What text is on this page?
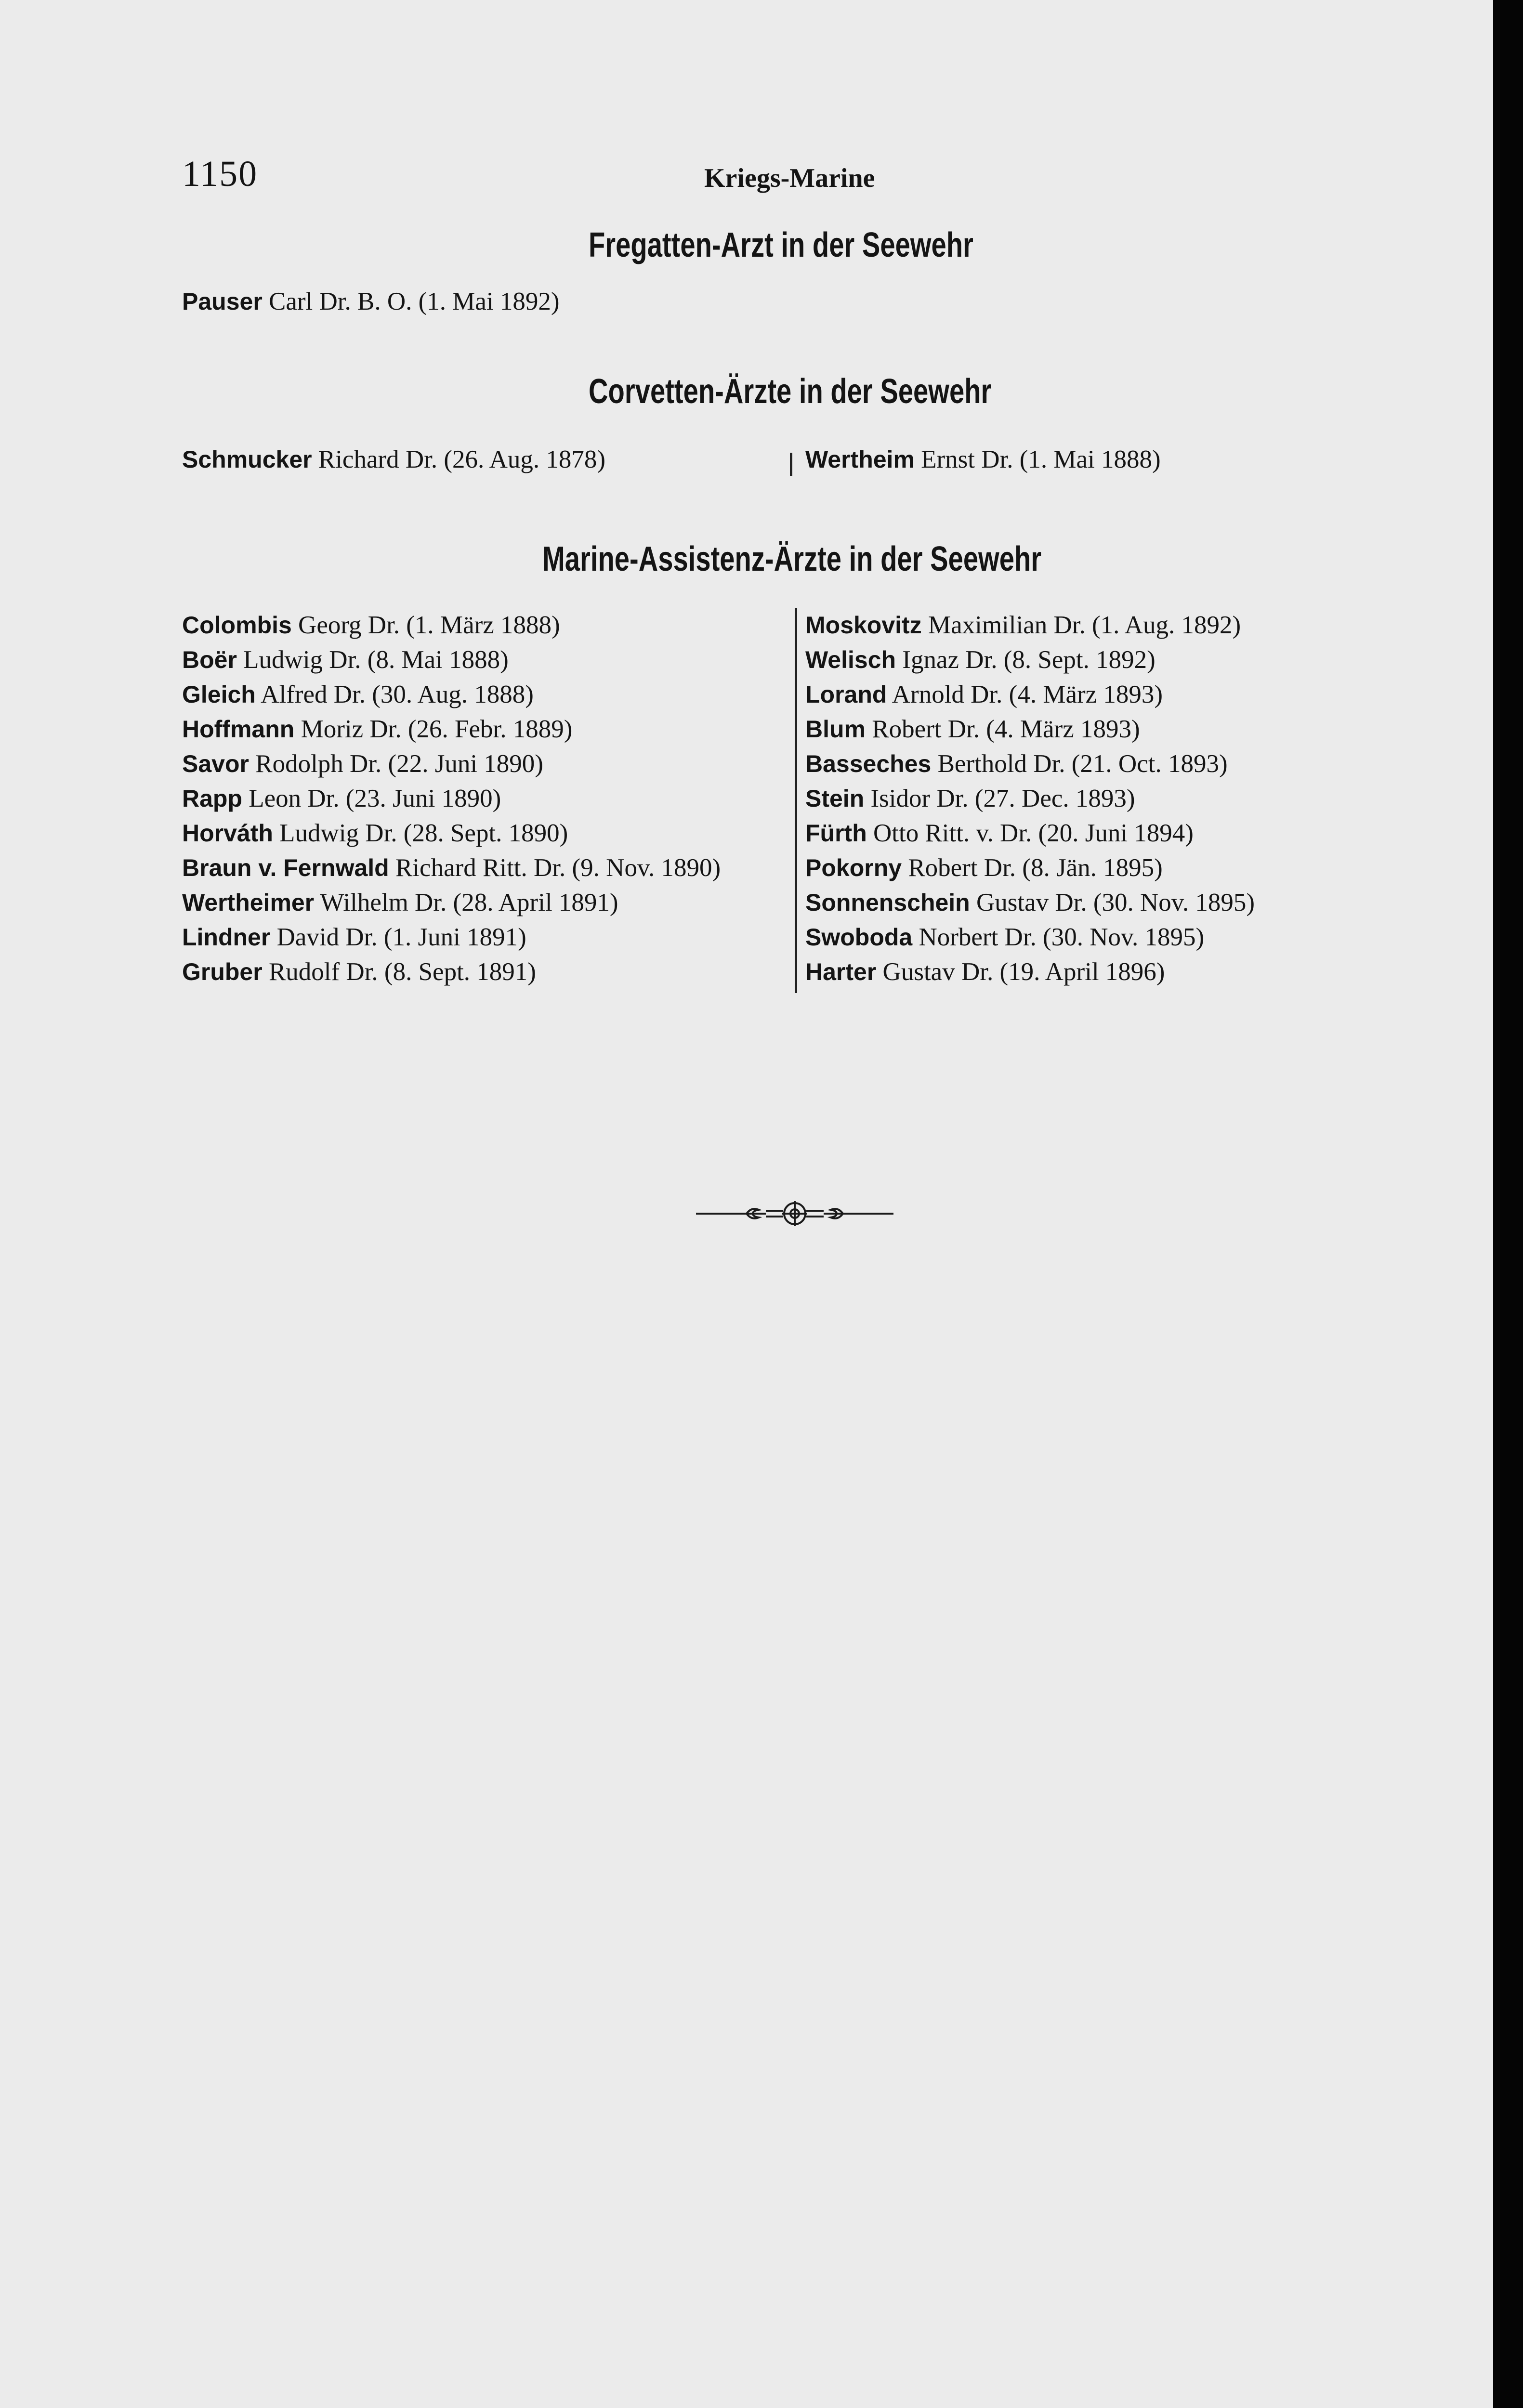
1150	Kriegs-Marine
Fregatten-Arzt in der Seewehr
Pauser Carl Dr. B. O. (1. Mai 1892)
Corvetten-Ärzte in der Seewehr
Schmucker Richard Dr. (26. Aug. 1878)	Wertheim Ernst Dr. (1. Mai 1888)
Marine-Assistenz-Ärzte in der Seewehr
Colombis Georg Dr. (1. März 1888)
Boër Ludwig Dr. (8. Mai 1888)
Gleich Alfred Dr. (30. Aug. 1888)
Hoffmann Moriz Dr. (26. Febr. 1889)
Savor Rodolph Dr. (22. Juni 1890)
Rapp Leon Dr. (23. Juni 1890)
Horváth Ludwig Dr. (28. Sept. 1890)
Braun v. Fernwald Richard Ritt. Dr. (9. Nov. 1890)
Wertheimer Wilhelm Dr. (28. April 1891)
Lindner David Dr. (1. Juni 1891)
Gruber Rudolf Dr. (8. Sept. 1891)
Moskovitz Maximilian Dr. (1. Aug. 1892)
Welisch Ignaz Dr. (8. Sept. 1892)
Lorand Arnold Dr. (4. März 1893)
Blum Robert Dr. (4. März 1893)
Basseches Berthold Dr. (21. Oct. 1893)
Stein Isidor Dr. (27. Dec. 1893)
Fürth Otto Ritt. v. Dr. (20. Juni 1894)
Pokorny Robert Dr. (8. Jän. 1895)
Sonnenschein Gustav Dr. (30. Nov. 1895)
Swoboda Norbert Dr. (30. Nov. 1895)
Harter Gustav Dr. (19. April 1896)
